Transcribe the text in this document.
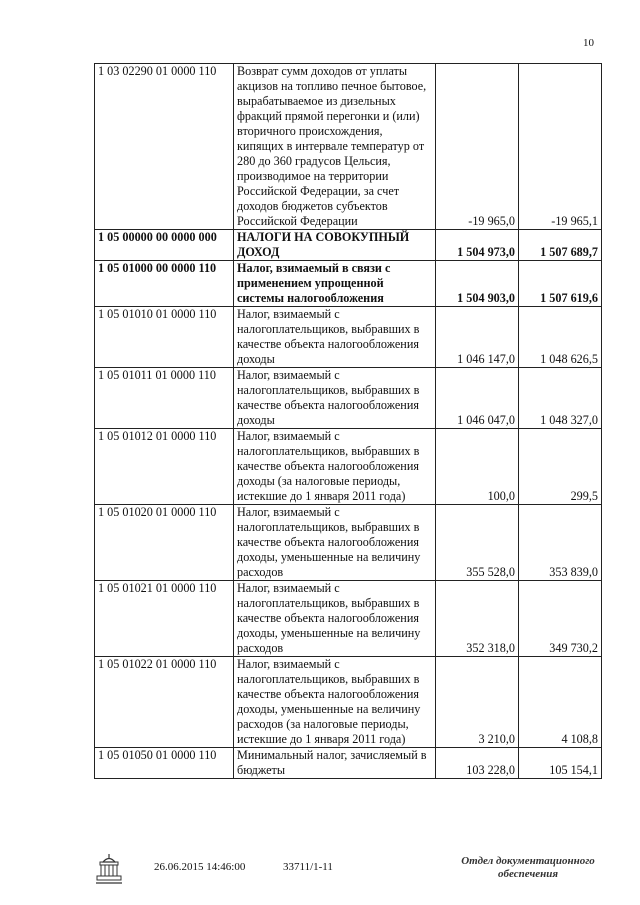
10
1 03 02290 01 0000 110	Возврат сумм доходов от уплаты акцизов на топливо печное бытовое, вырабатываемое из дизельных фракций прямой перегонки и (или) вторичного происхождения, кипящих в интервале температур от 280 до 360 градусов Цельсия, производимое на территории Российской Федерации, за счет доходов бюджетов субъектов Российской Федерации	-19 965,0	-19 965,1
1 05 00000 00 0000 000	НАЛОГИ НА СОВОКУПНЫЙ ДОХОД	1 504 973,0	1 507 689,7
1 05 01000 00 0000 110	Налог, взимаемый в связи с применением упрощенной системы налогообложения	1 504 903,0	1 507 619,6
1 05 01010 01 0000 110	Налог, взимаемый с налогоплательщиков, выбравших в качестве объекта налогообложения доходы	1 046 147,0	1 048 626,5
1 05 01011 01 0000 110	Налог, взимаемый с налогоплательщиков, выбравших в качестве объекта налогообложения доходы	1 046 047,0	1 048 327,0
1 05 01012 01 0000 110	Налог, взимаемый с налогоплательщиков, выбравших в качестве объекта налогообложения доходы (за налоговые периоды, истекшие до 1 января 2011 года)	100,0	299,5
1 05 01020 01 0000 110	Налог, взимаемый с налогоплательщиков, выбравших в качестве объекта налогообложения доходы, уменьшенные на величину расходов	355 528,0	353 839,0
1 05 01021 01 0000 110	Налог, взимаемый с налогоплательщиков, выбравших в качестве объекта налогообложения доходы, уменьшенные на величину расходов	352 318,0	349 730,2
1 05 01022 01 0000 110	Налог, взимаемый с налогоплательщиков, выбравших в качестве объекта налогообложения доходы, уменьшенные на величину расходов (за налоговые периоды, истекшие до 1 января 2011 года)	3 210,0	4 108,8
1 05 01050 01 0000 110	Минимальный налог, зачисляемый в бюджеты	103 228,0	105 154,1
26.06.2015 14:46:00	33711/1-11	Отдел документационного обеспечения
